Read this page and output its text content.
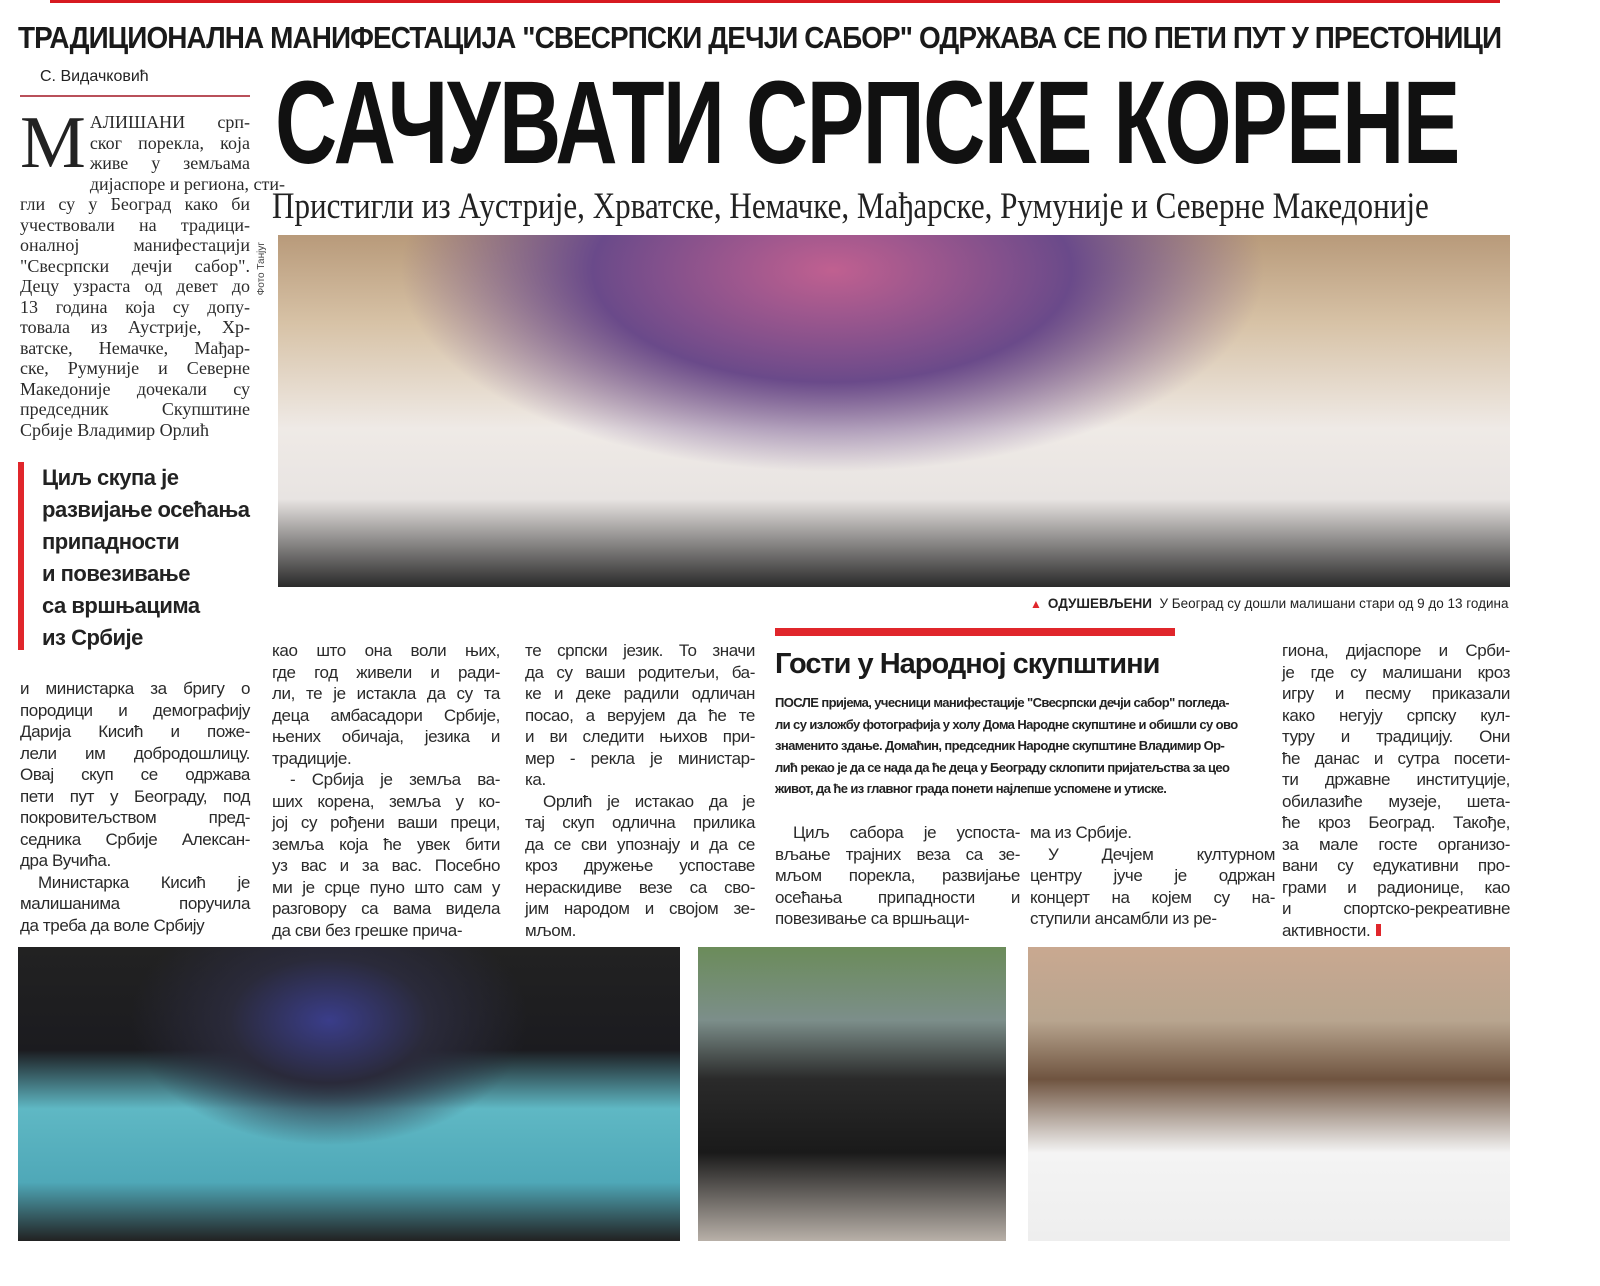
ТРАДИЦИОНАЛНА МАНИФЕСТАЦИЈА "СВЕСРПСКИ ДЕЧЈИ САБОР" ОДРЖАВА СЕ ПО ПЕТИ ПУТ У ПРЕСТОНИЦИ
С. Видачковић САЧУВАТИ СРПСКЕ КОРЕНЕ
Пристигли из Аустрије, Хрватске, Немачке, Мађарске, Румуније и Северне Македоније
М АЛИШАНИ срп-
ског порекла, која
живе у земљама
дијаспоре и региона, сти-
гли су у Београд како би
учествовали на традици-
оналној манифестацији
"Свесрпски дечји сабор".
Децу узраста од девет до
13 година која су допу-
товала из Аустрије, Хр-
ватске, Немачке, Мађар-
ске, Румуније и Северне
Македоније дочекали су
председник Скупштине
Србије Владимир Орлић
Фото Танјуг
Циљ скупа је
развијање осећања
припадности
и повезивање
са вршњацима
из Србије
▲ ОДУШЕВЉЕНИ У Београд су дошли малишани стари од 9 до 13 година
и министарка за бригу о
породици и демографију
Дарија Кисић и поже-
лели им добродошлицу.
Овај скуп се одржава
пети пут у Београду, под
покровитељством пред-
седника Србије Алексан-
дра Вучића.
Министарка Кисић је
малишанима поручила
да треба да воле Србију
као што она воли њих,
где год живели и ради-
ли, те је истакла да су та
деца амбасадори Србије,
њених обичаја, језика и
традиције.
- Србија је земља ва-
ших корена, земља у ко-
јој су рођени ваши преци,
земља која ће увек бити
уз вас и за вас. Посебно
ми је срце пуно што сам у
разговору са вама видела
да сви без грешке прича-
те српски језик. То значи
да су ваши родитељи, ба-
ке и деке радили одличан
посао, а верујем да ће те
и ви следити њихов при-
мер - рекла је министар-
ка.
Орлић је истакао да је
тај скуп одлична прилика
да се сви упознају и да се
кроз дружење успоставе
нераскидиве везе са сво-
јим народом и својом зе-
мљом.
Гости у Народној скупштини
ПОСЛЕ пријема, учесници манифестације "Свесрпски дечји сабор" погледа-
ли су изложбу фотографија у холу Дома Народне скупштине и обишли су ово
знаменито здање. Домаћин, председник Народне скупштине Владимир Ор-
лић рекао је да се нада да ће деца у Београду склопити пријатељства за цео
живот, да ће из главног града понети најлепше успомене и утиске.
Циљ сабора је успоста-
вљање трајних веза са зе-
мљом порекла, развијање
осећања припадности и
повезивање са вршњаци-
ма из Србије.
У Дечјем културном
центру јуче је одржан
концерт на којем су на-
ступили ансамбли из ре-
гиона, дијаспоре и Срби-
је где су малишани кроз
игру и песму приказали
како негују српску кул-
туру и традицију. Они
ће данас и сутра посети-
ти државне институције,
обилазиће музеје, шета-
ће кроз Београд. Такође,
за мале госте организо-
вани су едукативни про-
грами и радионице, као
и спортско-рекреативне
активности.
